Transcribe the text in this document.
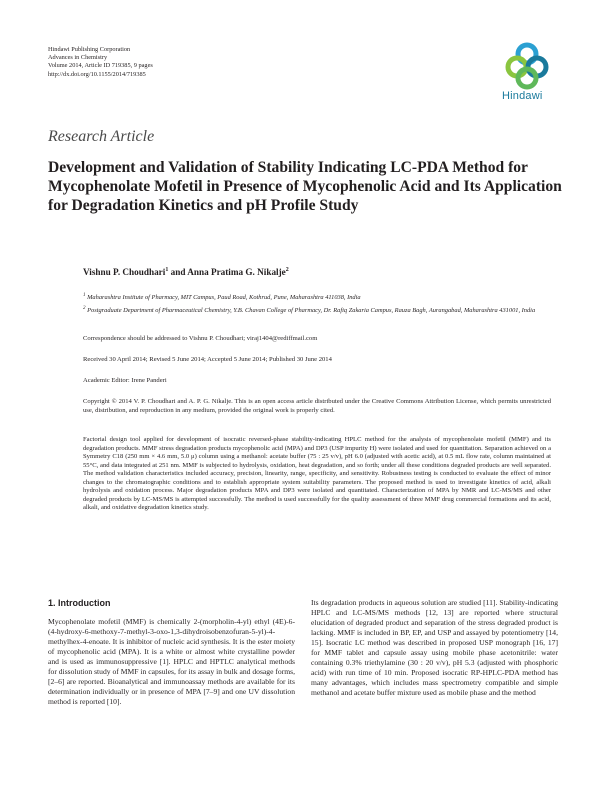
Hindawi Publishing Corporation
Advances in Chemistry
Volume 2014, Article ID 719385, 9 pages
http://dx.doi.org/10.1155/2014/719385
Hindawi
Research Article
Development and Validation of Stability Indicating LC-PDA Method for Mycophenolate Mofetil in Presence of Mycophenolic Acid and Its Application for Degradation Kinetics and pH Profile Study
Vishnu P. Choudhari$^1$ and Anna Pratima G. Nikalje$^2$
$^1$ Maharashtra Institute of Pharmacy, MIT Campus, Paud Road, Kothrud, Pune, Maharashtra 411038, India
$^2$ Postgraduate Department of Pharmaceutical Chemistry, Y.B. Chavan College of Pharmacy, Dr. Rafiq Zakaria Campus, Rauza Bagh, Aurangabad, Maharashtra 431001, India
Correspondence should be addressed to Vishnu P. Choudhari; viraj1404@rediffmail.com
Received 30 April 2014; Revised 5 June 2014; Accepted 5 June 2014; Published 30 June 2014
Academic Editor: Irene Panderi
Copyright © 2014 V. P. Choudhari and A. P. G. Nikalje. This is an open access article distributed under the Creative Commons Attribution License, which permits unrestricted use, distribution, and reproduction in any medium, provided the original work is properly cited.
Factorial design tool applied for development of isocratic reversed-phase stability-indicating HPLC method for the analysis of mycophenolate mofetil (MMF) and its degradation products. MMF stress degradation products mycophenolic acid (MPA) and DP3 (USP impurity H) were isolated and used for quantitation. Separation achieved on a Symmetry C18 (250 mm × 4.6 mm, 5.0 μ) column using a methanol: acetate buffer (75 : 25 v/v), pH 6.0 (adjusted with acetic acid), at 0.5 mL flow rate, column maintained at 55°C, and data integrated at 251 nm. MMF is subjected to hydrolysis, oxidation, heat degradation, and so forth; under all these conditions degraded products are well separated. The method validation characteristics included accuracy, precision, linearity, range, specificity, and sensitivity. Robustness testing is conducted to evaluate the effect of minor changes to the chromatographic conditions and to establish appropriate system suitability parameters. The proposed method is used to investigate kinetics of acid, alkali hydrolysis and oxidation process. Major degradation products MPA and DP3 were isolated and quantitated. Characterization of MPA by NMR and LC-MS/MS and other degraded products by LC-MS/MS is attempted successfully. The method is used successfully for the quality assessment of three MMF drug commercial formations and its acid, alkali, and oxidative degradation kinetics study.
1. Introduction
Mycophenolate mofetil (MMF) is chemically 2-(morpholin-4-yl) ethyl (4E)-6-(4-hydroxy-6-methoxy-7-methyl-3-oxo-1,3-dihydroisobenzofuran-5-yl)-4-methylhex-4-enoate. It is inhibitor of nucleic acid synthesis. It is the ester moiety of mycophenolic acid (MPA). It is a white or almost white crystalline powder and is used as immunosuppressive [1]. HPLC and HPTLC analytical methods for dissolution study of MMF in capsules, for its assay in bulk and dosage forms, [2–6] are reported. Bioanalytical and immunoassay methods are available for its determination individually or in presence of MPA [7–9] and one UV dissolution method is reported [10].
Its degradation products in aqueous solution are studied [11]. Stability-indicating HPLC and LC-MS/MS methods [12, 13] are reported where structural elucidation of degraded product and separation of the stress degraded product is lacking. MMF is included in BP, EP, and USP and assayed by potentiometry [14, 15]. Isocratic LC method was described in proposed USP monograph [16, 17] for MMF tablet and capsule assay using mobile phase acetonitrile: water containing 0.3% triethylamine (30 : 20 v/v), pH 5.3 (adjusted with phosphoric acid) with run time of 10 min. Proposed isocratic RP-HPLC-PDA method has many advantages, which includes mass spectrometry compatible and simple methanol and acetate buffer mixture used as mobile phase and the method
